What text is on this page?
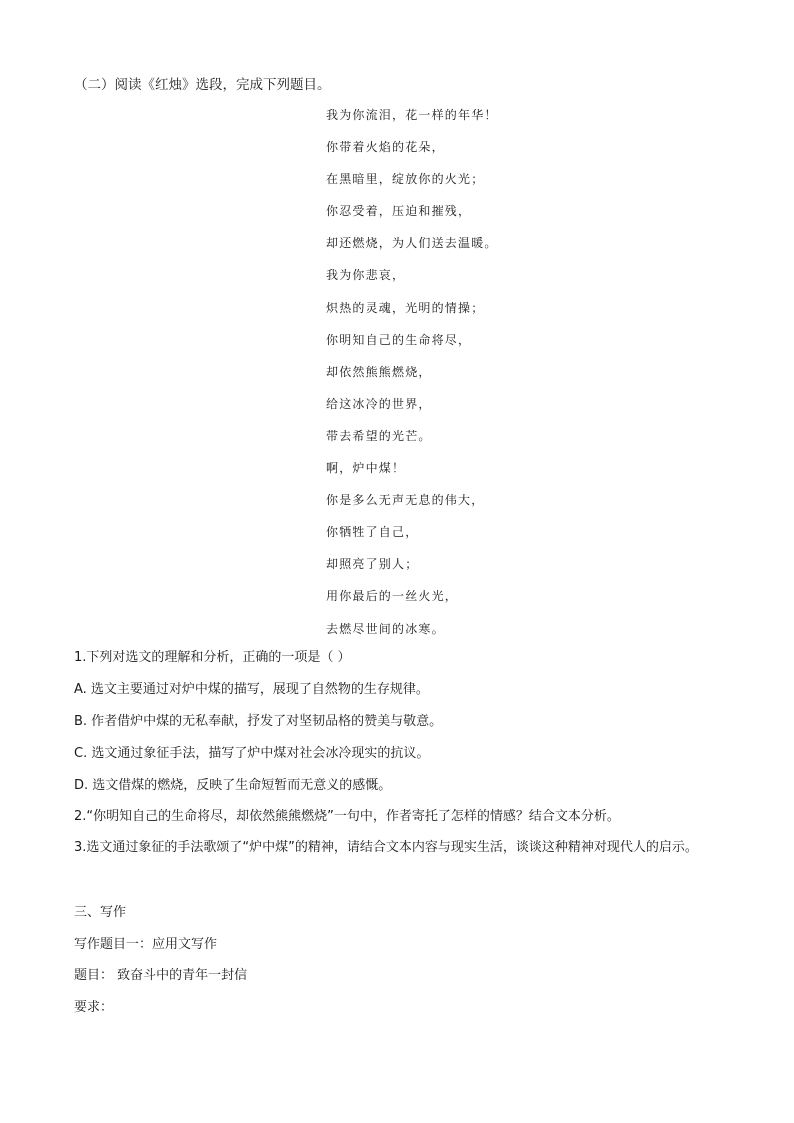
（二）阅读《红烛》选段，完成下列题目。
我为你流泪，花一样的年华！
你带着火焰的花朵，
在黑暗里，绽放你的火光；
你忍受着，压迫和摧残，
却还燃烧，为人们送去温暖。
我为你悲哀，
炽热的灵魂，光明的情操；
你明知自己的生命将尽，
却依然熊熊燃烧，
给这冰冷的世界，
带去希望的光芒。
啊，炉中煤！
你是多么无声无息的伟大，
你牺牲了自己，
却照亮了别人；
用你最后的一丝火光，
去燃尽世间的冰寒。
1.下列对选文的理解和分析，正确的一项是（ ）
A. 选文主要通过对炉中煤的描写，展现了自然物的生存规律。
B. 作者借炉中煤的无私奉献，抒发了对坚韧品格的赞美与敬意。
C. 选文通过象征手法，描写了炉中煤对社会冰冷现实的抗议。
D. 选文借煤的燃烧，反映了生命短暂而无意义的感慨。
2.“你明知自己的生命将尽，却依然熊熊燃烧”一句中，作者寄托了怎样的情感？结合文本分析。
3.选文通过象征的手法歌颂了“炉中煤”的精神，请结合文本内容与现实生活，谈谈这种精神对现代人的启示。
三、写作
写作题目一：应用文写作
题目： 致奋斗中的青年一封信
要求：
